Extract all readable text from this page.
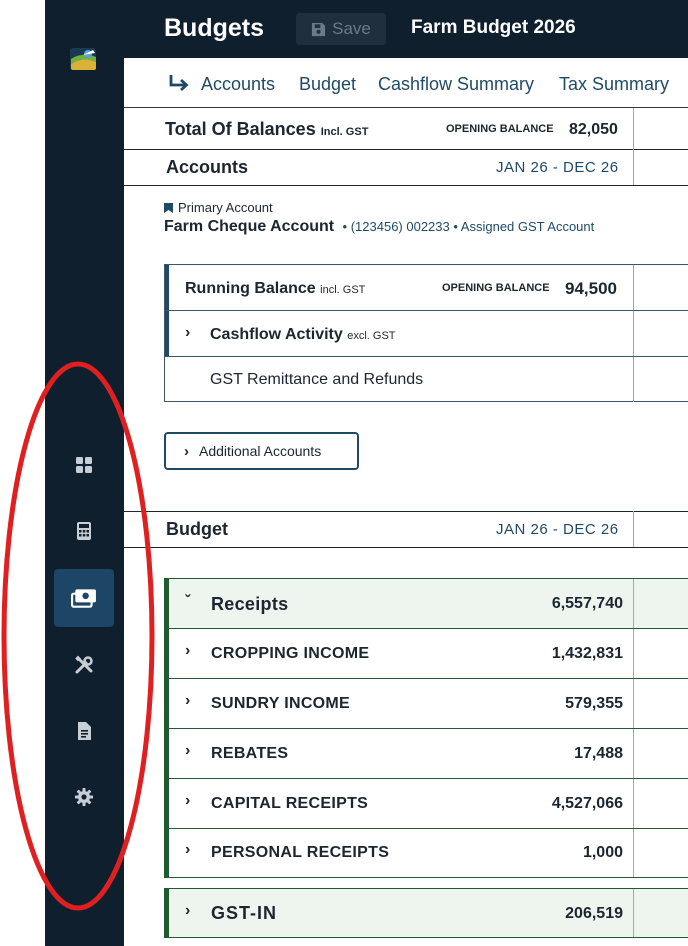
Budgets	Save Farm Budget 2026
Accounts Budget Cashflow Summary Tax Summary
Total Of Balances Incl. GST	OPENING BALANCE 82,050
Accounts	JAN 26 - DEC 26
Primary Account
Farm Cheque Account • (123456) 002233 • Assigned GST Account
Running Balance incl. GST	OPENING BALANCE 94,500
› Cashflow Activity excl. GST
GST Remittance and Refunds
› Additional Accounts
Budget	JAN 26 - DEC 26
ˇ Receipts	6,557,740
› CROPPING INCOME	1,432,831
› SUNDRY INCOME	579,355
› REBATES	17,488
› CAPITAL RECEIPTS	4,527,066
› PERSONAL RECEIPTS	1,000
› GST-IN	206,519
